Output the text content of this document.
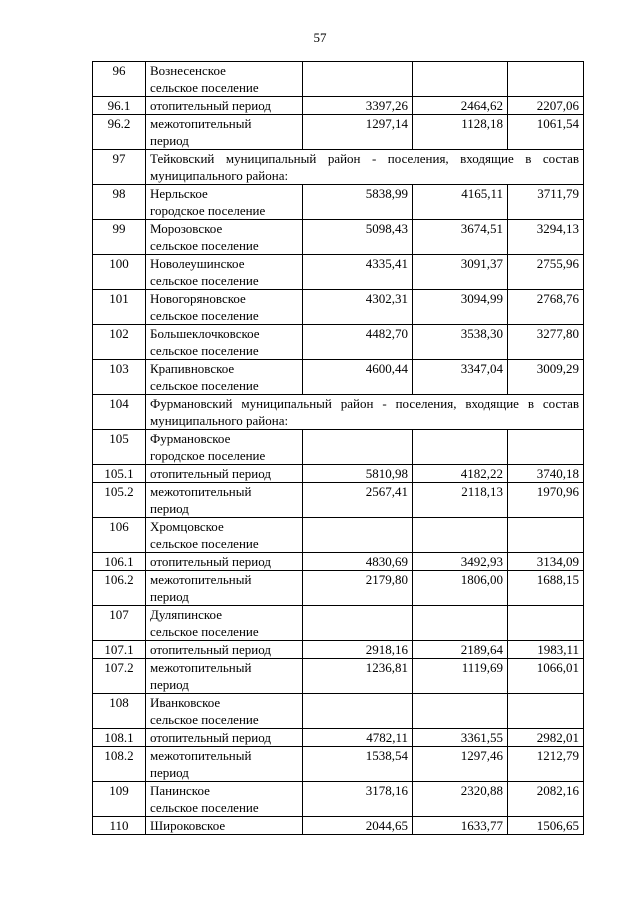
57
96	Вознесенское
сельское поселение			

96.1	отопительный период	3397,26	2464,62	2207,06
96.2	межотопительный
период	1297,14	1128,18	1061,54
97	Тейковский муниципальный район - поселения, входящие в состав муниципального района:			
98	Нерльское
городское поселение	5838,99	4165,11	3711,79
99	Морозовское
сельское поселение	5098,43	3674,51	3294,13
100	Новолеушинское
сельское поселение	4335,41	3091,37	2755,96
101	Новогоряновское
сельское поселение	4302,31	3094,99	2768,76
102	Большеклочковское
сельское поселение	4482,70	3538,30	3277,80
103	Крапивновское
сельское поселение	4600,44	3347,04	3009,29
104	Фурмановский муниципальный район - поселения, входящие в состав муниципального района:			
105	Фурмановское
городское поселение			

105.1	отопительный период	5810,98	4182,22	3740,18
105.2	межотопительный
период	2567,41	2118,13	1970,96
106	Хромцовское
сельское поселение			

106.1	отопительный период	4830,69	3492,93	3134,09
106.2	межотопительный
период	2179,80	1806,00	1688,15
107	Дуляпинское
сельское поселение			

107.1	отопительный период	2918,16	2189,64	1983,11
107.2	межотопительный
период	1236,81	1119,69	1066,01
108	Иванковское
сельское поселение			

108.1	отопительный период	4782,11	3361,55	2982,01
108.2	межотопительный
период	1538,54	1297,46	1212,79
109	Панинское
сельское поселение	3178,16	2320,88	2082,16
110	Широковское	2044,65	1633,77	1506,65
